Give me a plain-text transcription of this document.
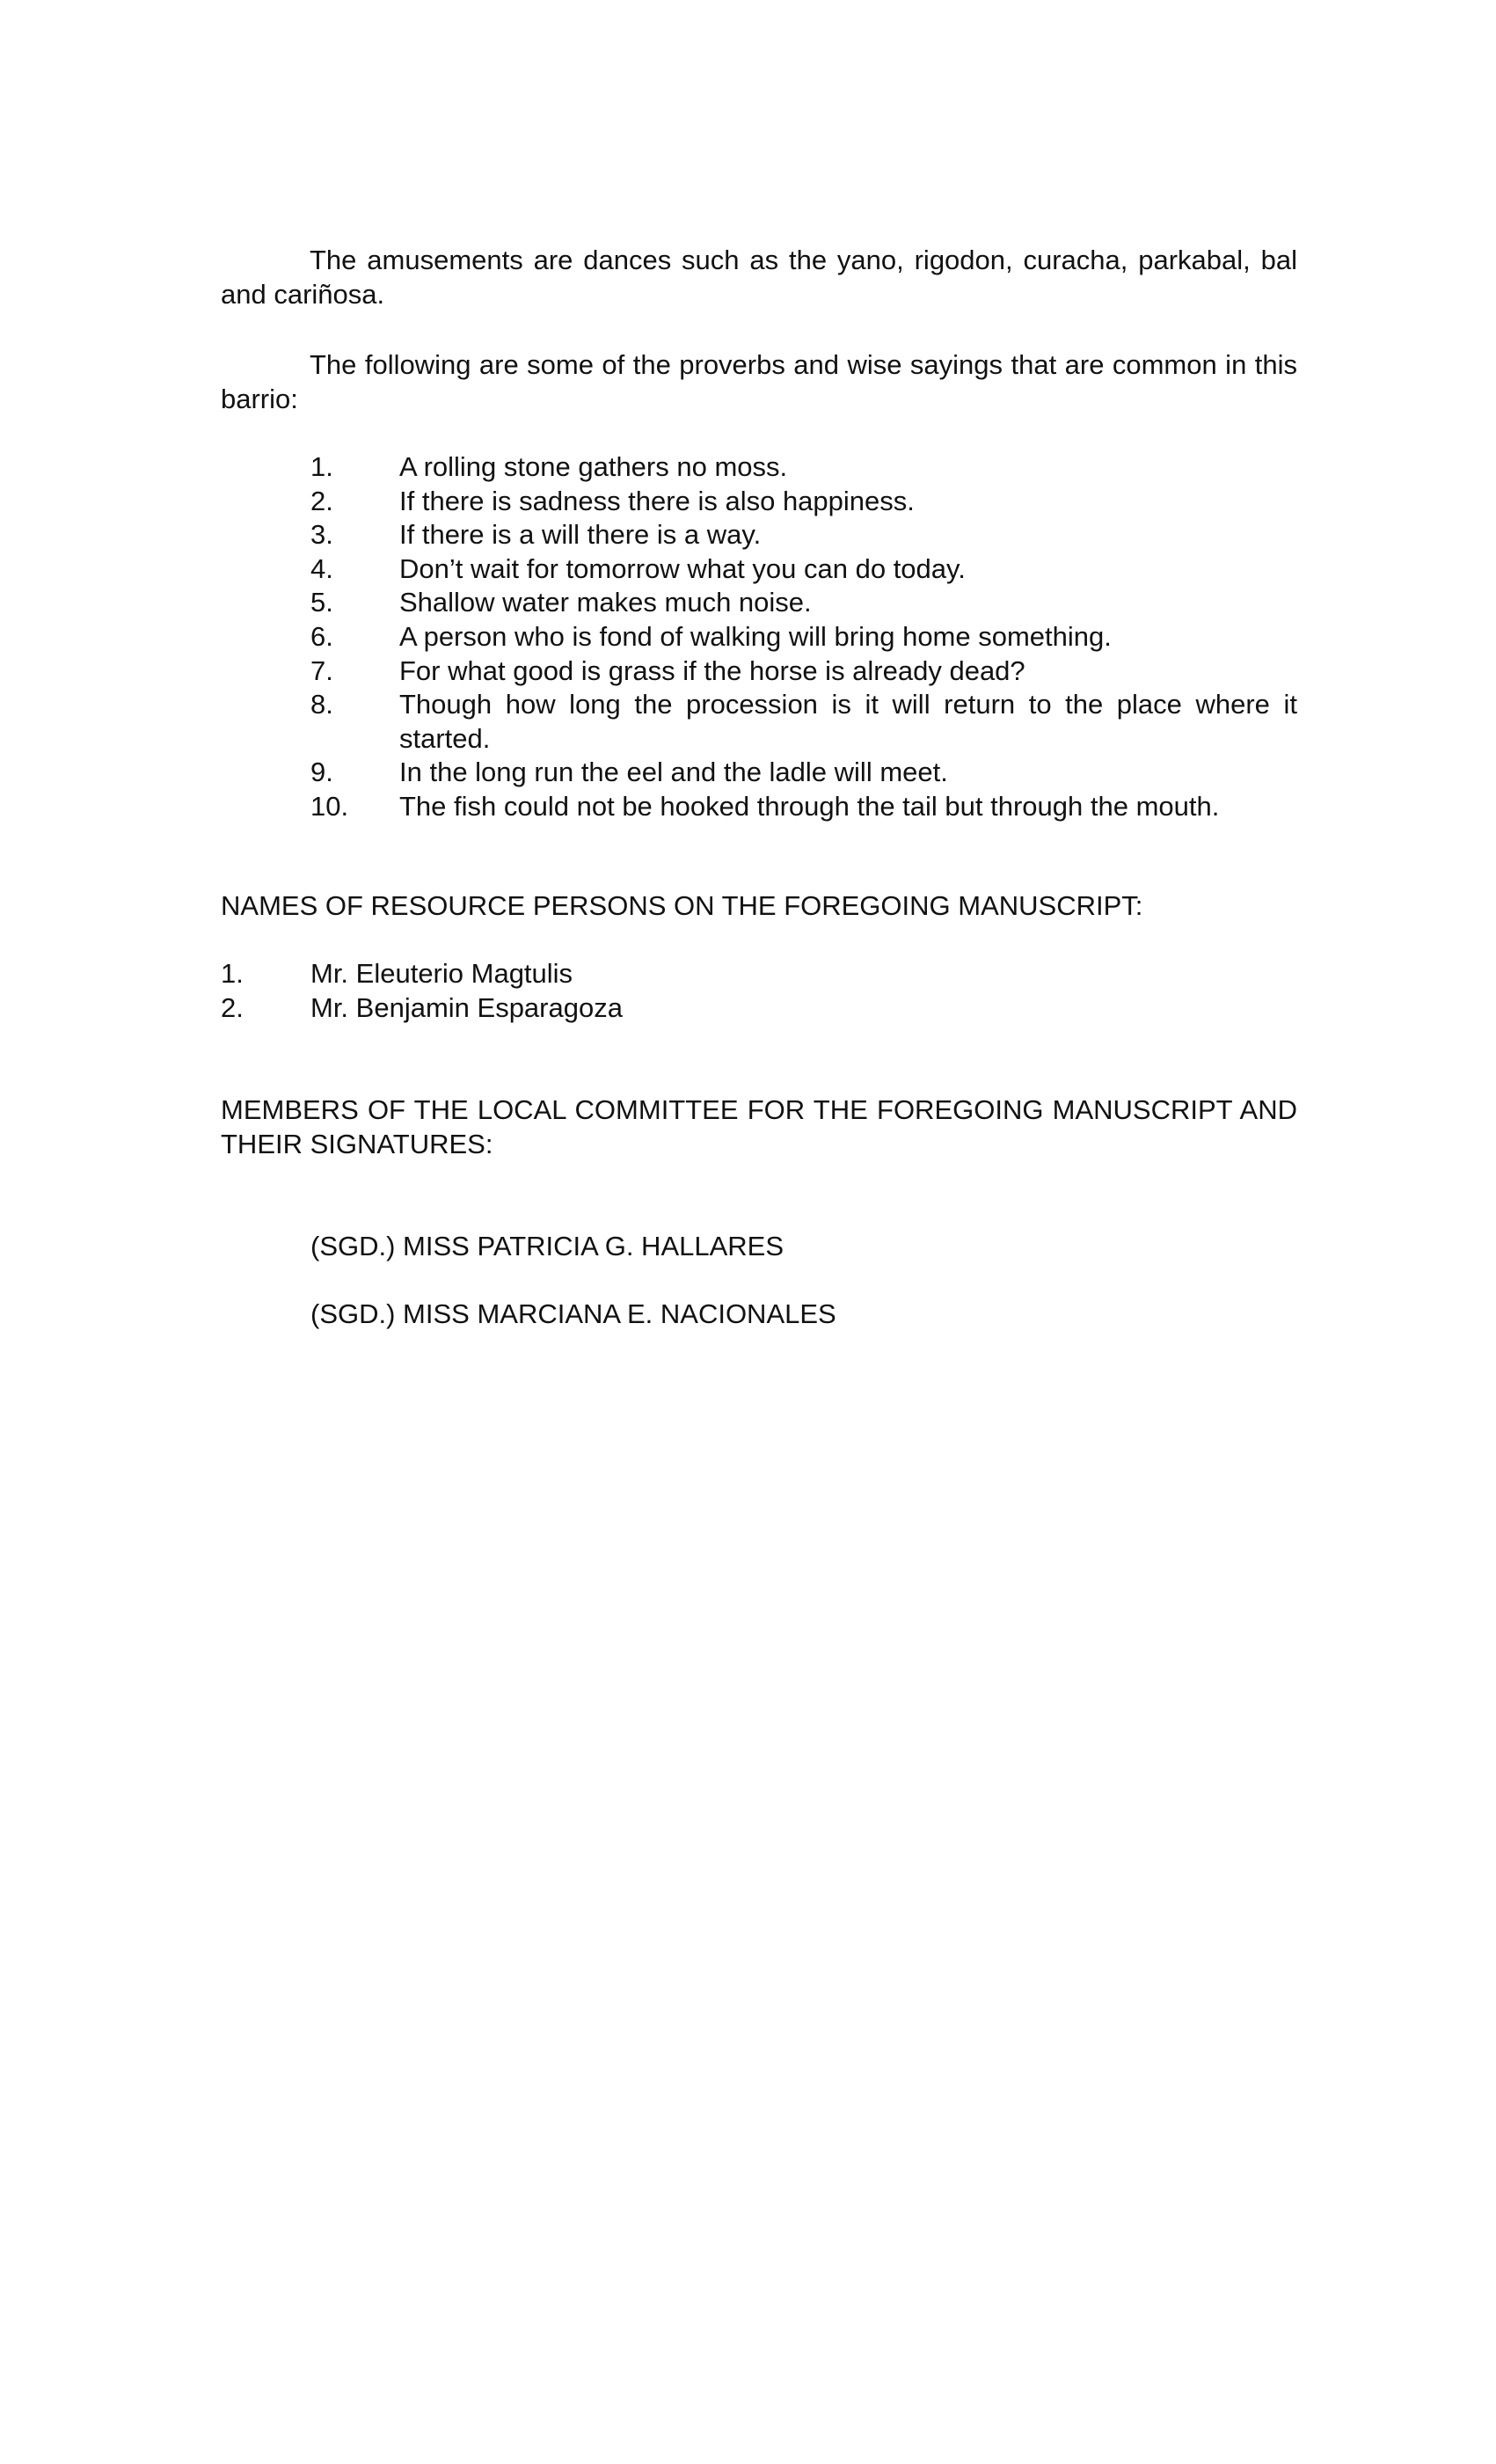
The amusements are dances such as the yano, rigodon, curacha, parkabal, bal and cariñosa.

The following are some of the proverbs and wise sayings that are common in this barrio:

1.	A rolling stone gathers no moss.
2.	If there is sadness there is also happiness.
3.	If there is a will there is a way.
4.	Don’t wait for tomorrow what you can do today.
5.	Shallow water makes much noise.
6.	A person who is fond of walking will bring home something.
7.	For what good is grass if the horse is already dead?
8.	Though how long the procession is it will return to the place where it started.
9.	In the long run the eel and the ladle will meet.
10.	The fish could not be hooked through the tail but through the mouth.

NAMES OF RESOURCE PERSONS ON THE FOREGOING MANUSCRIPT:

1.	Mr. Eleuterio Magtulis
2.	Mr. Benjamin Esparagoza

MEMBERS OF THE LOCAL COMMITTEE FOR THE FOREGOING MANUSCRIPT AND THEIR SIGNATURES:

(SGD.) MISS PATRICIA G. HALLARES

(SGD.) MISS MARCIANA E. NACIONALES
